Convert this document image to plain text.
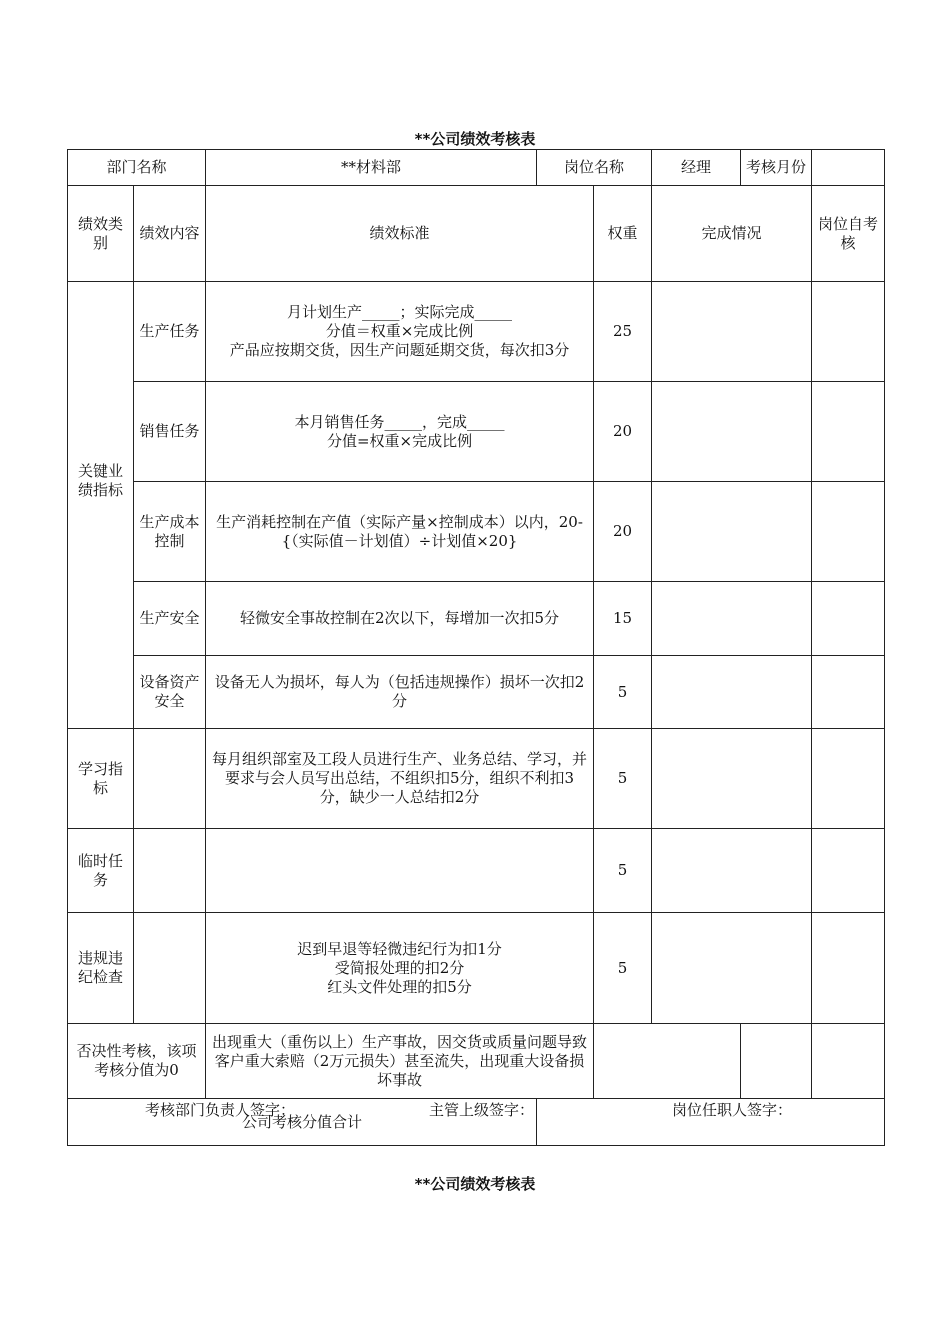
**公司绩效考核表
部门名称		**材料部	岗位名称		经理	考核月份		
绩效类别	绩效内容	绩效标准		权重	完成情况		岗位自考核	
关键业绩指标	生产任务	月计划生产_____；实际完成_____
分值＝权重×完成比例
产品应按期交货，因生产问题延期交货，每次扣3分		25				
	销售任务	本月销售任务_____，完成_____
分值=权重×完成比例		20				
	生产成本控制	生产消耗控制在产值（实际产量×控制成本）以内，20-{（实际值－计划值）÷计划值×20}		20				
	生产安全	轻微安全事故控制在2次以下，每增加一次扣5分		15				
	设备资产安全	设备无人为损坏，每人为（包括违规操作）损坏一次扣2分		5				
学习指标		每月组织部室及工段人员进行生产、业务总结、学习，并要求与会人员写出总结，不组织扣5分，组织不利扣3分，缺少一人总结扣2分		5				
临时任务				5				
违规违纪检查		迟到早退等轻微违纪行为扣1分
受简报处理的扣2分
红头文件处理的扣5分		5				
否决性考核，该项考核分值为0		出现重大（重伤以上）生产事故，因交货或质量问题导致客户重大索赔（2万元损失）甚至流失，出现重大设备损坏事故						
公司考核分值合计								
考核部门负责人签字：	主管上级签字：	岗位任职人签字：
**公司绩效考核表
